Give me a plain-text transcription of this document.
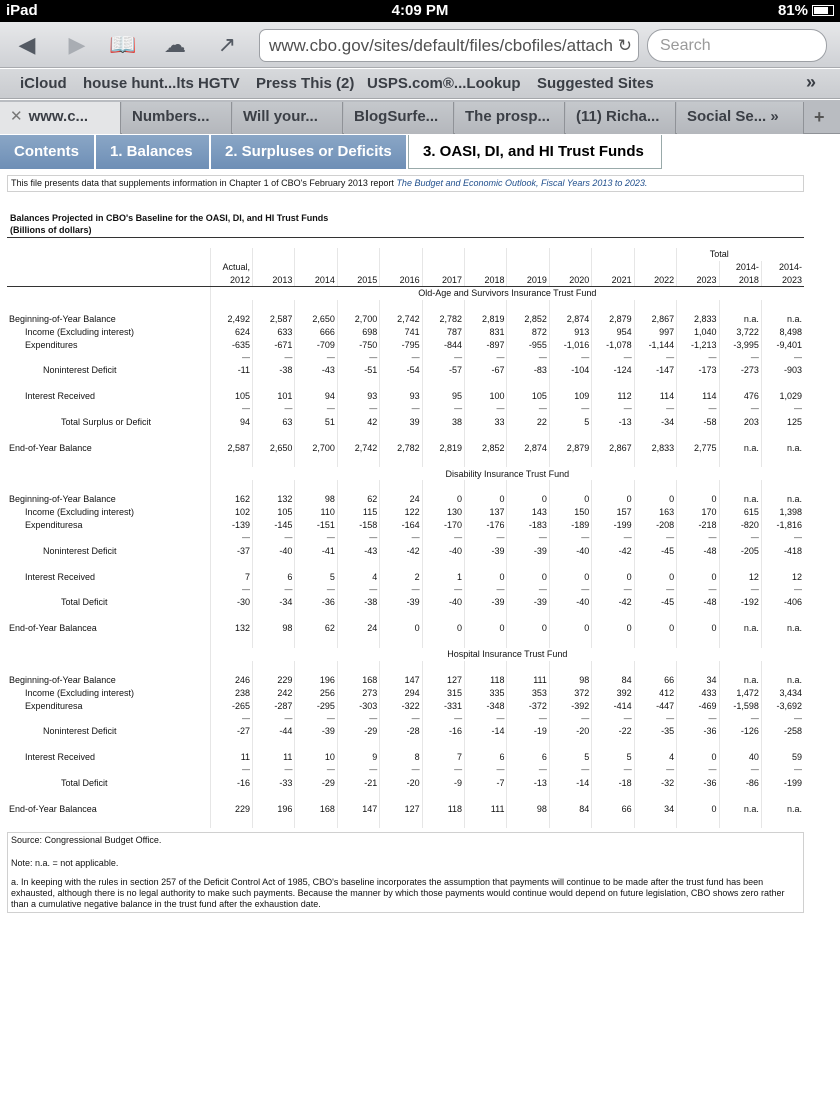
iPad	4:09 PM	81%
◀ ▶ 📖 ☁ ↗	www.cbo.gov/sites/default/files/cbofiles/attach ↻	Search
iCloud house hunt...lts HGTV Press This (2) USPS.com®...Lookup Suggested Sites	»
✕ www.c...	Numbers...	Will your...	BlogSurfe...	The prosp...	(11) Richa...	Social Se... »	+
Contents	1. Balances	2. Surpluses or Deficits	3. OASI, DI, and HI Trust Funds
This file presents data that supplements information in Chapter 1 of CBO's February 2013 report The Budget and Economic Outlook, Fiscal Years 2013 to 2023.
Balances Projected in CBO's Baseline for the OASI, DI, and HI Trust Funds
(Billions of dollars)
												Total		
	Actual,												2014-	2014-
	2012	2013	2014	2015	2016	2017	2018	2019	2020	2021	2022	2023	2018	2023
	Old-Age and Survivors Insurance Trust Fund													

Beginning-of-Year Balance	2,492	2,587	2,650	2,700	2,742	2,782	2,819	2,852	2,874	2,879	2,867	2,833	n.a.	n.a.
Income (Excluding interest)	624	633	666	698	741	787	831	872	913	954	997	1,040	3,722	8,498
Expenditures	-635	-671	-709	-750	-795	-844	-897	-955	-1,016	-1,078	-1,144	-1,213	-3,995	-9,401
	—	—	—	—	—	—	—	—	—	—	—	—	—	—
Noninterest Deficit	-11	-38	-43	-51	-54	-57	-67	-83	-104	-124	-147	-173	-273	-903

Interest Received	105	101	94	93	93	95	100	105	109	112	114	114	476	1,029
	—	—	—	—	—	—	—	—	—	—	—	—	—	—
Total Surplus or Deficit	94	63	51	42	39	38	33	22	5	-13	-34	-58	203	125

End-of-Year Balance	2,587	2,650	2,700	2,742	2,782	2,819	2,852	2,874	2,879	2,867	2,833	2,775	n.a.	n.a.

	Disability Insurance Trust Fund													

Beginning-of-Year Balance	162	132	98	62	24	0	0	0	0	0	0	0	n.a.	n.a.
Income (Excluding interest)	102	105	110	115	122	130	137	143	150	157	163	170	615	1,398
Expendituresa	-139	-145	-151	-158	-164	-170	-176	-183	-189	-199	-208	-218	-820	-1,816
	—	—	—	—	—	—	—	—	—	—	—	—	—	—
Noninterest Deficit	-37	-40	-41	-43	-42	-40	-39	-39	-40	-42	-45	-48	-205	-418

Interest Received	7	6	5	4	2	1	0	0	0	0	0	0	12	12
	—	—	—	—	—	—	—	—	—	—	—	—	—	—
Total Deficit	-30	-34	-36	-38	-39	-40	-39	-39	-40	-42	-45	-48	-192	-406

End-of-Year Balancea	132	98	62	24	0	0	0	0	0	0	0	0	n.a.	n.a.

	Hospital Insurance Trust Fund													

Beginning-of-Year Balance	246	229	196	168	147	127	118	111	98	84	66	34	n.a.	n.a.
Income (Excluding interest)	238	242	256	273	294	315	335	353	372	392	412	433	1,472	3,434
Expendituresa	-265	-287	-295	-303	-322	-331	-348	-372	-392	-414	-447	-469	-1,598	-3,692
	—	—	—	—	—	—	—	—	—	—	—	—	—	—
Noninterest Deficit	-27	-44	-39	-29	-28	-16	-14	-19	-20	-22	-35	-36	-126	-258

Interest Received	11	11	10	9	8	7	6	6	5	5	4	0	40	59
	—	—	—	—	—	—	—	—	—	—	—	—	—	—
Total Deficit	-16	-33	-29	-21	-20	-9	-7	-13	-14	-18	-32	-36	-86	-199

End-of-Year Balancea	229	196	168	147	127	118	111	98	84	66	34	0	n.a.	n.a.

Source: Congressional Budget Office.
Note: n.a. = not applicable.
a. In keeping with the rules in section 257 of the Deficit Control Act of 1985, CBO's baseline incorporates the assumption that payments will continue to be made after the trust fund has been exhausted, although there is no legal authority to make such payments. Because the manner by which those payments would continue would depend on future legislation, CBO shows zero rather than a cumulative negative balance in the trust fund after the exhaustion date.
